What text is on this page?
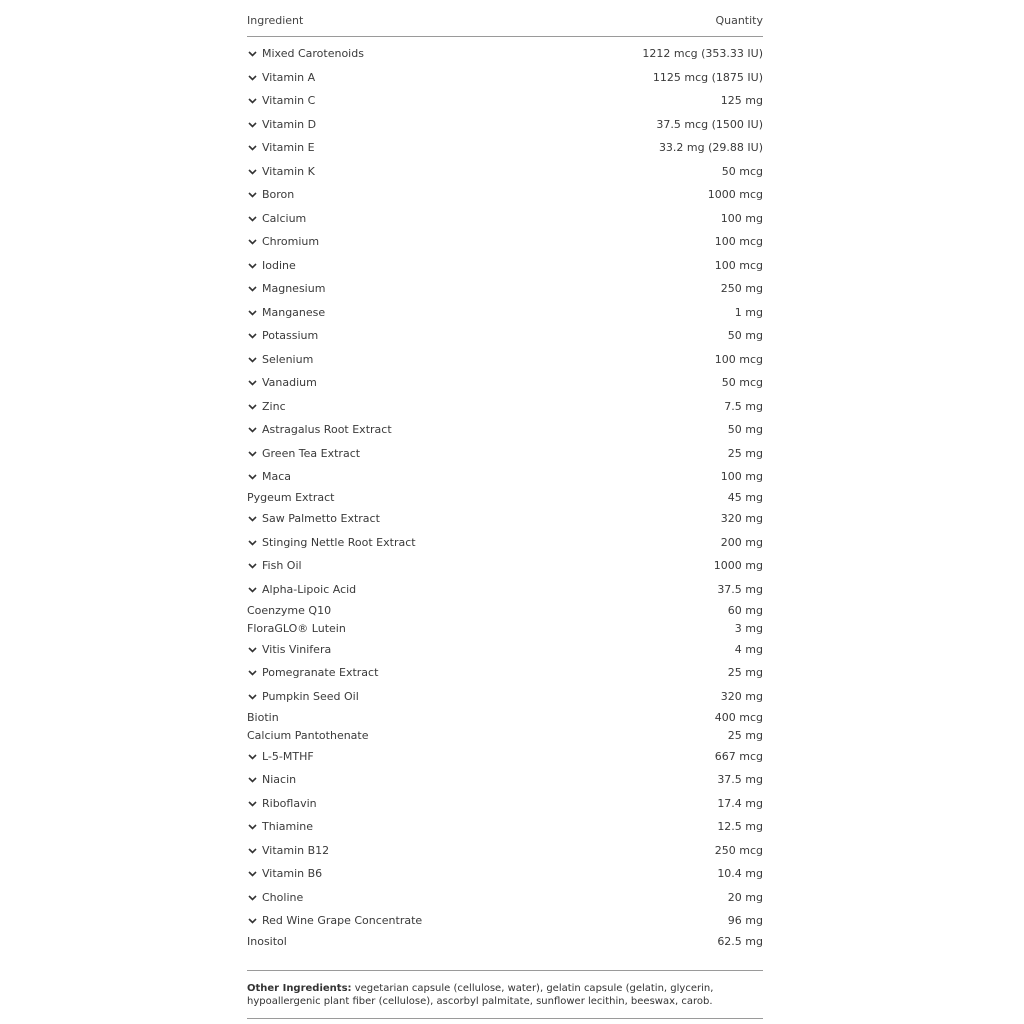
Ingredient	Quantity
Mixed Carotenoids	1212 mcg (353.33 IU)
Vitamin A	1125 mcg (1875 IU)
Vitamin C	125 mg
Vitamin D	37.5 mcg (1500 IU)
Vitamin E	33.2 mg (29.88 IU)
Vitamin K	50 mcg
Boron	1000 mcg
Calcium	100 mg
Chromium	100 mcg
Iodine	100 mcg
Magnesium	250 mg
Manganese	1 mg
Potassium	50 mg
Selenium	100 mcg
Vanadium	50 mcg
Zinc	7.5 mg
Astragalus Root Extract	50 mg
Green Tea Extract	25 mg
Maca	100 mg
Pygeum Extract	45 mg
Saw Palmetto Extract	320 mg
Stinging Nettle Root Extract	200 mg
Fish Oil	1000 mg
Alpha-Lipoic Acid	37.5 mg
Coenzyme Q10	60 mg
FloraGLO® Lutein	3 mg
Vitis Vinifera	4 mg
Pomegranate Extract	25 mg
Pumpkin Seed Oil	320 mg
Biotin	400 mcg
Calcium Pantothenate	25 mg
L-5-MTHF	667 mcg
Niacin	37.5 mg
Riboflavin	17.4 mg
Thiamine	12.5 mg
Vitamin B12	250 mcg
Vitamin B6	10.4 mg
Choline	20 mg
Red Wine Grape Concentrate	96 mg
Inositol	62.5 mg
Other Ingredients: vegetarian capsule (cellulose, water), gelatin capsule (gelatin, glycerin, hypoallergenic plant fiber (cellulose), ascorbyl palmitate, sunflower lecithin, beeswax, carob.
